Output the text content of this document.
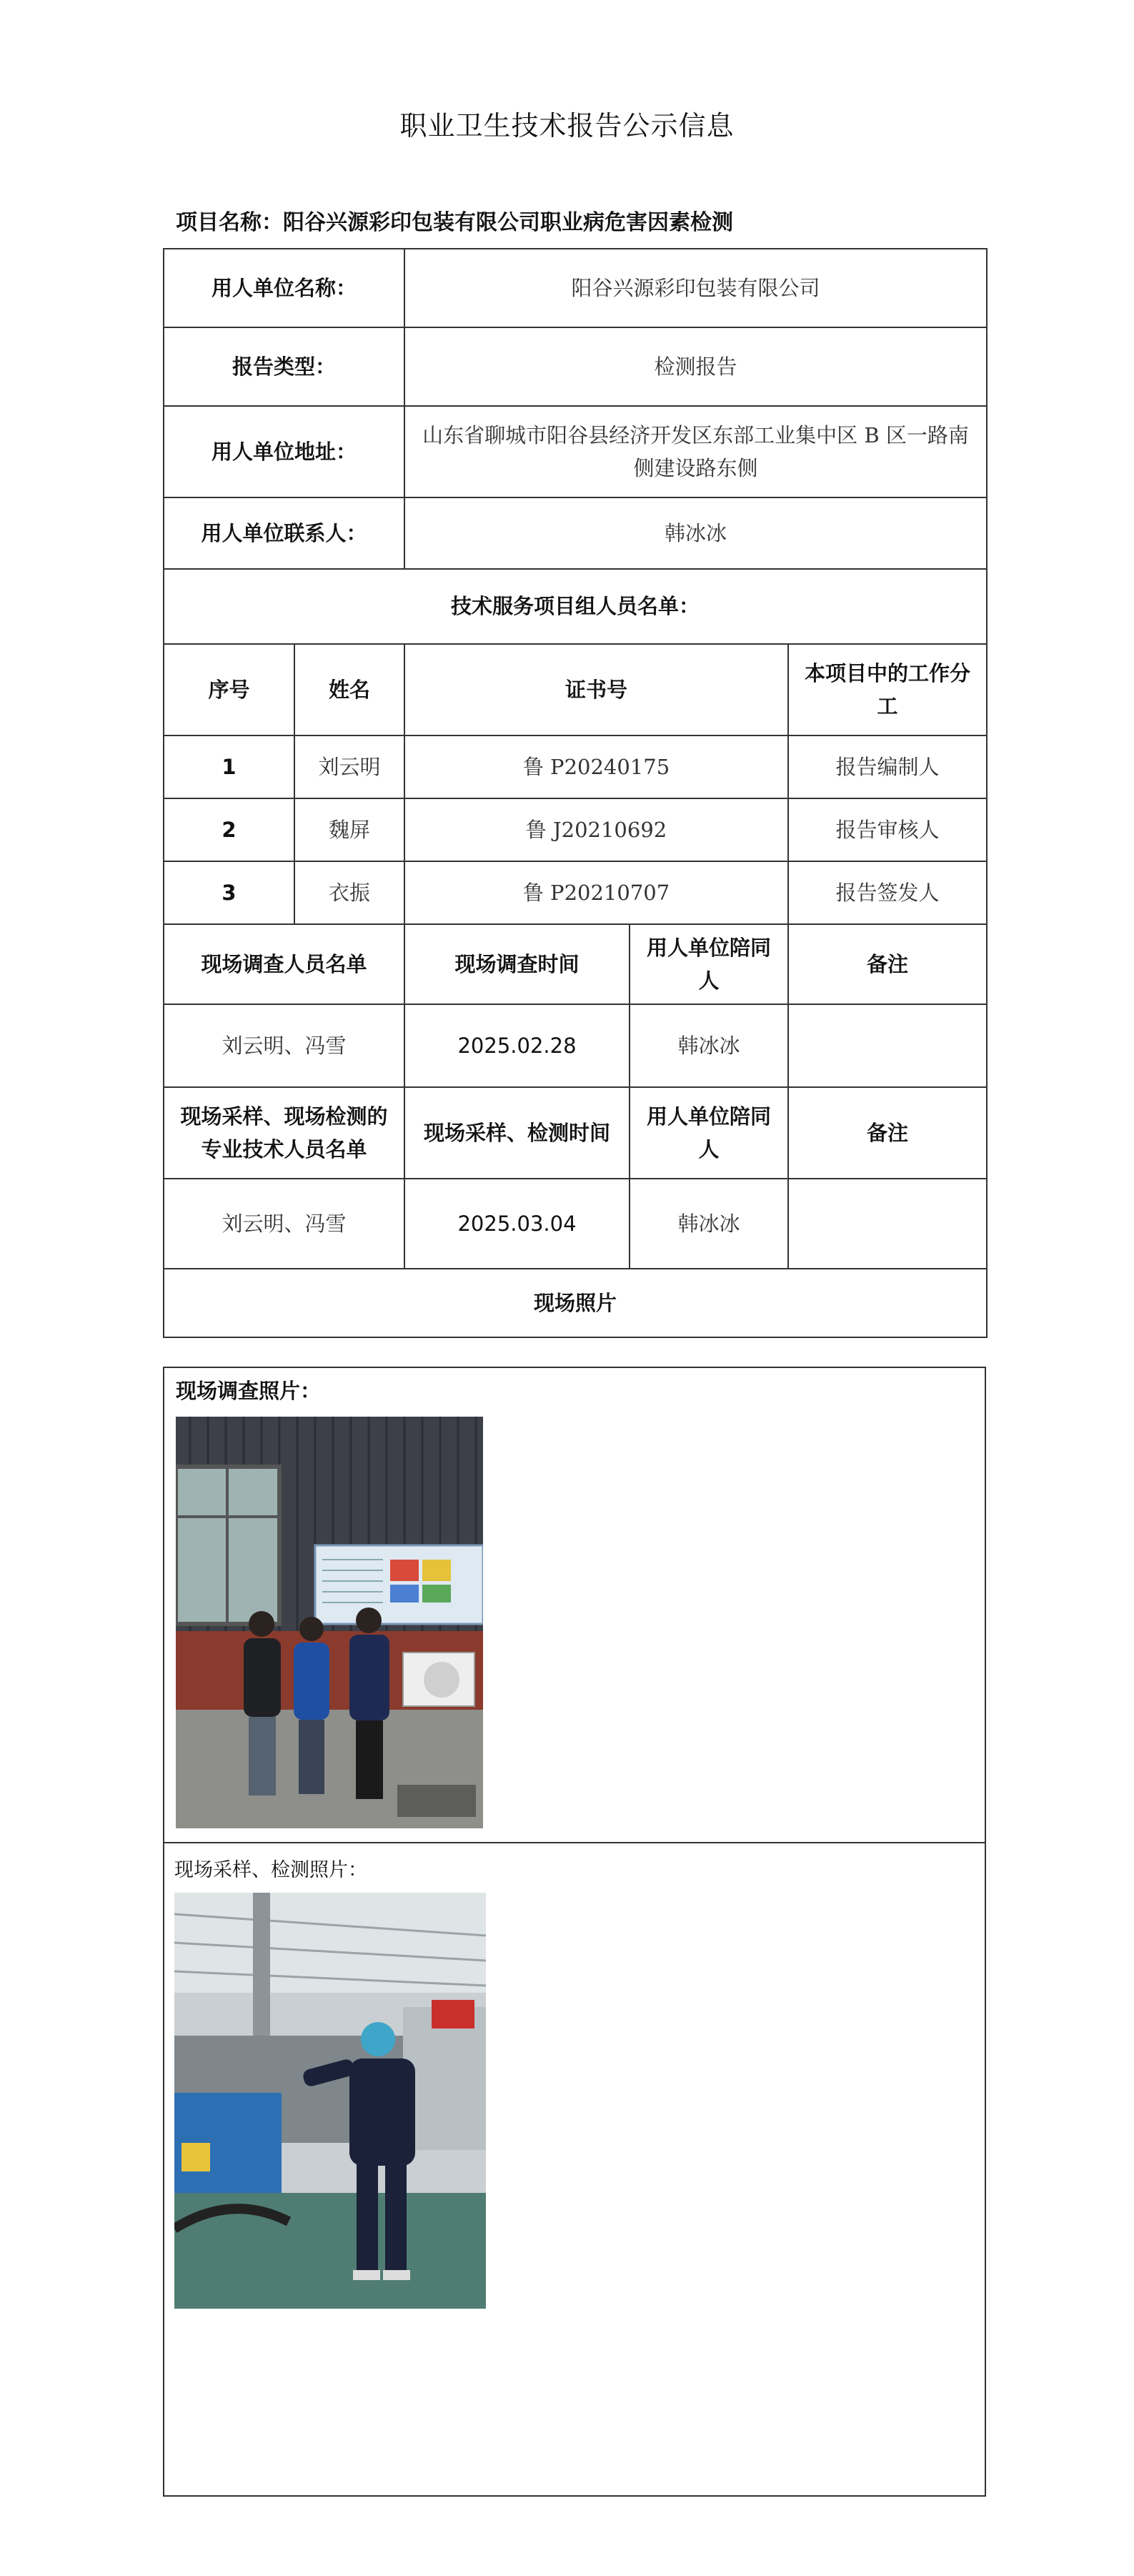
职业卫生技术报告公示信息
项目名称：阳谷兴源彩印包装有限公司职业病危害因素检测
用人单位名称：		阳谷兴源彩印包装有限公司		
报告类型：		检测报告		
用人单位地址：		山东省聊城市阳谷县经济开发区东部工业集中区 B 区一路南侧建设路东侧		
用人单位联系人：		韩冰冰		
技术服务项目组人员名单：				
序号	姓名	证书号		本项目中的工作分工
1	刘云明	鲁 P20240175		报告编制人
2	魏屏	鲁 J20210692		报告审核人
3	衣振	鲁 P20210707		报告签发人
现场调查人员名单		现场调查时间	用人单位陪同人	备注
刘云明、冯雪		2025.02.28	韩冰冰	
现场采样、现场检测的专业技术人员名单		现场采样、检测时间	用人单位陪同人	备注
刘云明、冯雪		2025.03.04	韩冰冰	
现场照片				
现场调查照片：
现场采样、检测照片：
